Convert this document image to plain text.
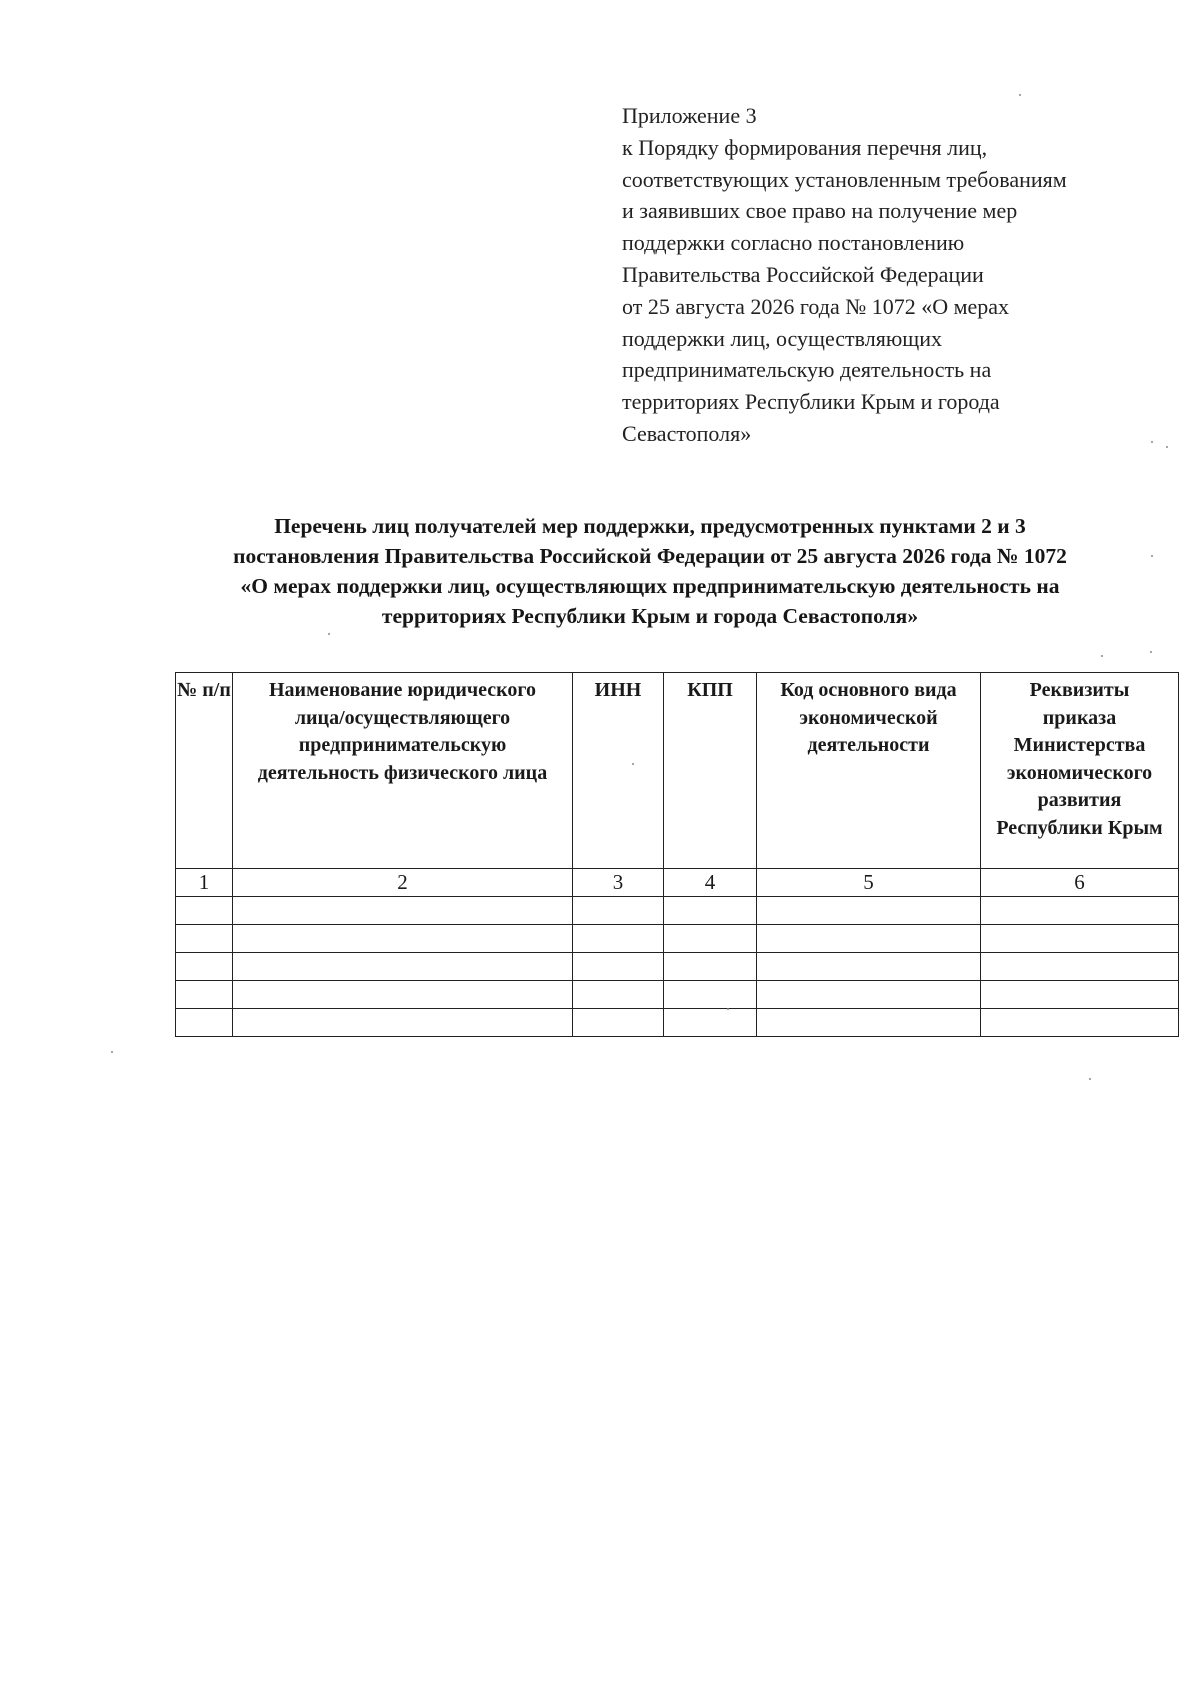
Приложение 3
к Порядку формирования перечня лиц,
соответствующих установленным требованиям
и заявивших свое право на получение мер
поддержки согласно постановлению
Правительства Российской Федерации
от 25 августа 2026 года № 1072 «О мерах
поддержки лиц, осуществляющих
предпринимательскую деятельность на
территориях Республики Крым и города
Севастополя»
Перечень лиц получателей мер поддержки, предусмотренных пунктами 2 и 3
постановления Правительства Российской Федерации от 25 августа 2026 года № 1072
«О мерах поддержки лиц, осуществляющих предпринимательскую деятельность на
территориях Республики Крым и города Севастополя»
№ п/п	Наименование юридического лица/осуществляющего предпринимательскую деятельность физического лица	ИНН	КПП	Код основного вида экономической деятельности	Реквизиты приказа Министерства экономического развития Республики Крым
1	2	3	4	5	6
